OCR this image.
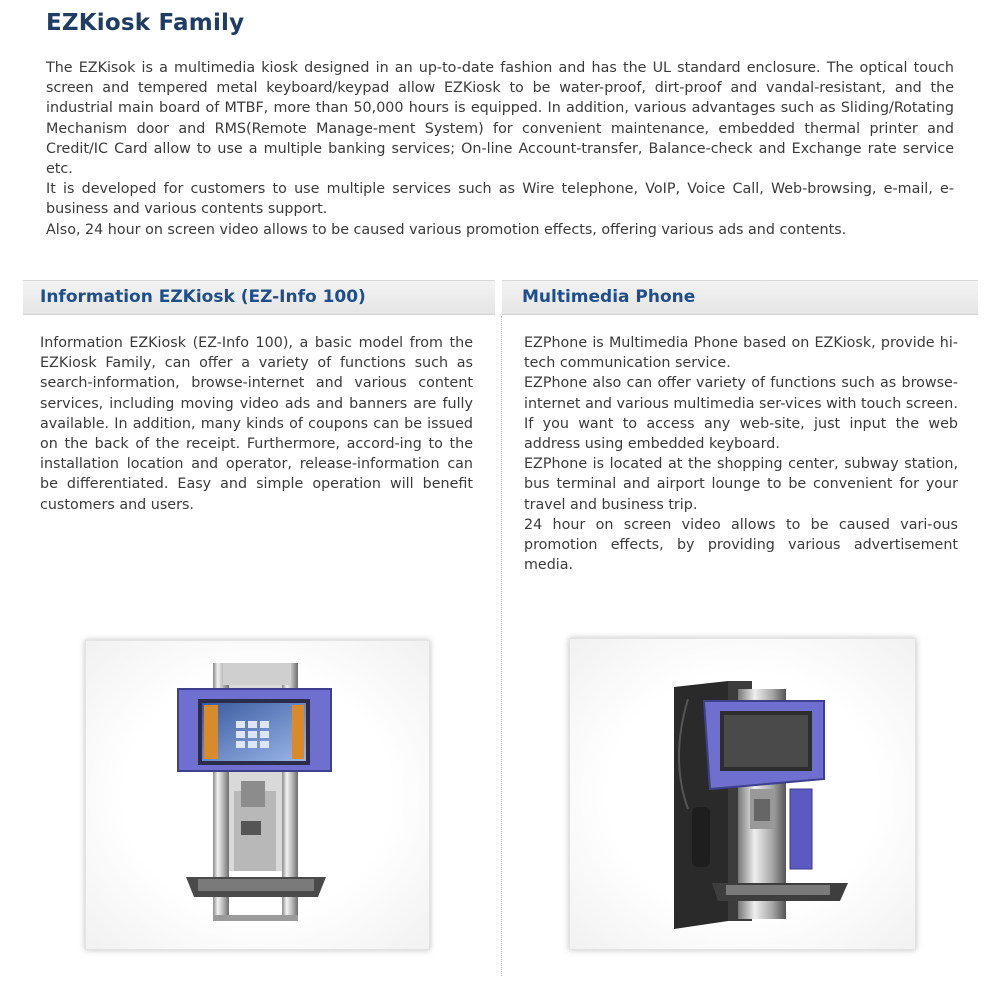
EZKiosk Family

The EZKisok is a multimedia kiosk designed in an up-to-date fashion and has the UL standard enclosure. The optical touch screen and tempered metal keyboard/keypad allow EZKiosk to be water-proof, dirt-proof and vandal-resistant, and the industrial main board of MTBF, more than 50,000 hours is equipped. In addition, various advantages such as Sliding/Rotating Mechanism door and RMS(Remote Manage-ment System) for convenient maintenance, embedded thermal printer and Credit/IC Card allow to use a multiple banking services; On-line Account-transfer, Balance-check and Exchange rate service etc.

It is developed for customers to use multiple services such as Wire telephone, VoIP, Voice Call, Web-browsing, e-mail, e-business and various contents support.

Also, 24 hour on screen video allows to be caused various promotion effects, offering various ads and contents.

Information EZKiosk (EZ-Info 100)	Multimedia Phone

Information EZKiosk (EZ-Info 100), a basic model from the EZKiosk Family, can offer a variety of functions such as search-information, browse-internet and various content services, including moving video ads and banners are fully available. In addition, many kinds of coupons can be issued on the back of the receipt. Furthermore, accord-ing to the installation location and operator, release-information can be differentiated. Easy and simple operation will benefit customers and users.

EZPhone is Multimedia Phone based on EZKiosk, provide hi-tech communication service.

EZPhone also can offer variety of functions such as browse-internet and various multimedia ser-vices with touch screen.

If you want to access any web-site, just input the web address using embedded keyboard.

EZPhone is located at the shopping center, subway station, bus terminal and airport lounge to be convenient for your travel and business trip.

24 hour on screen video allows to be caused vari-ous promotion effects, by providing various advertisement media.
